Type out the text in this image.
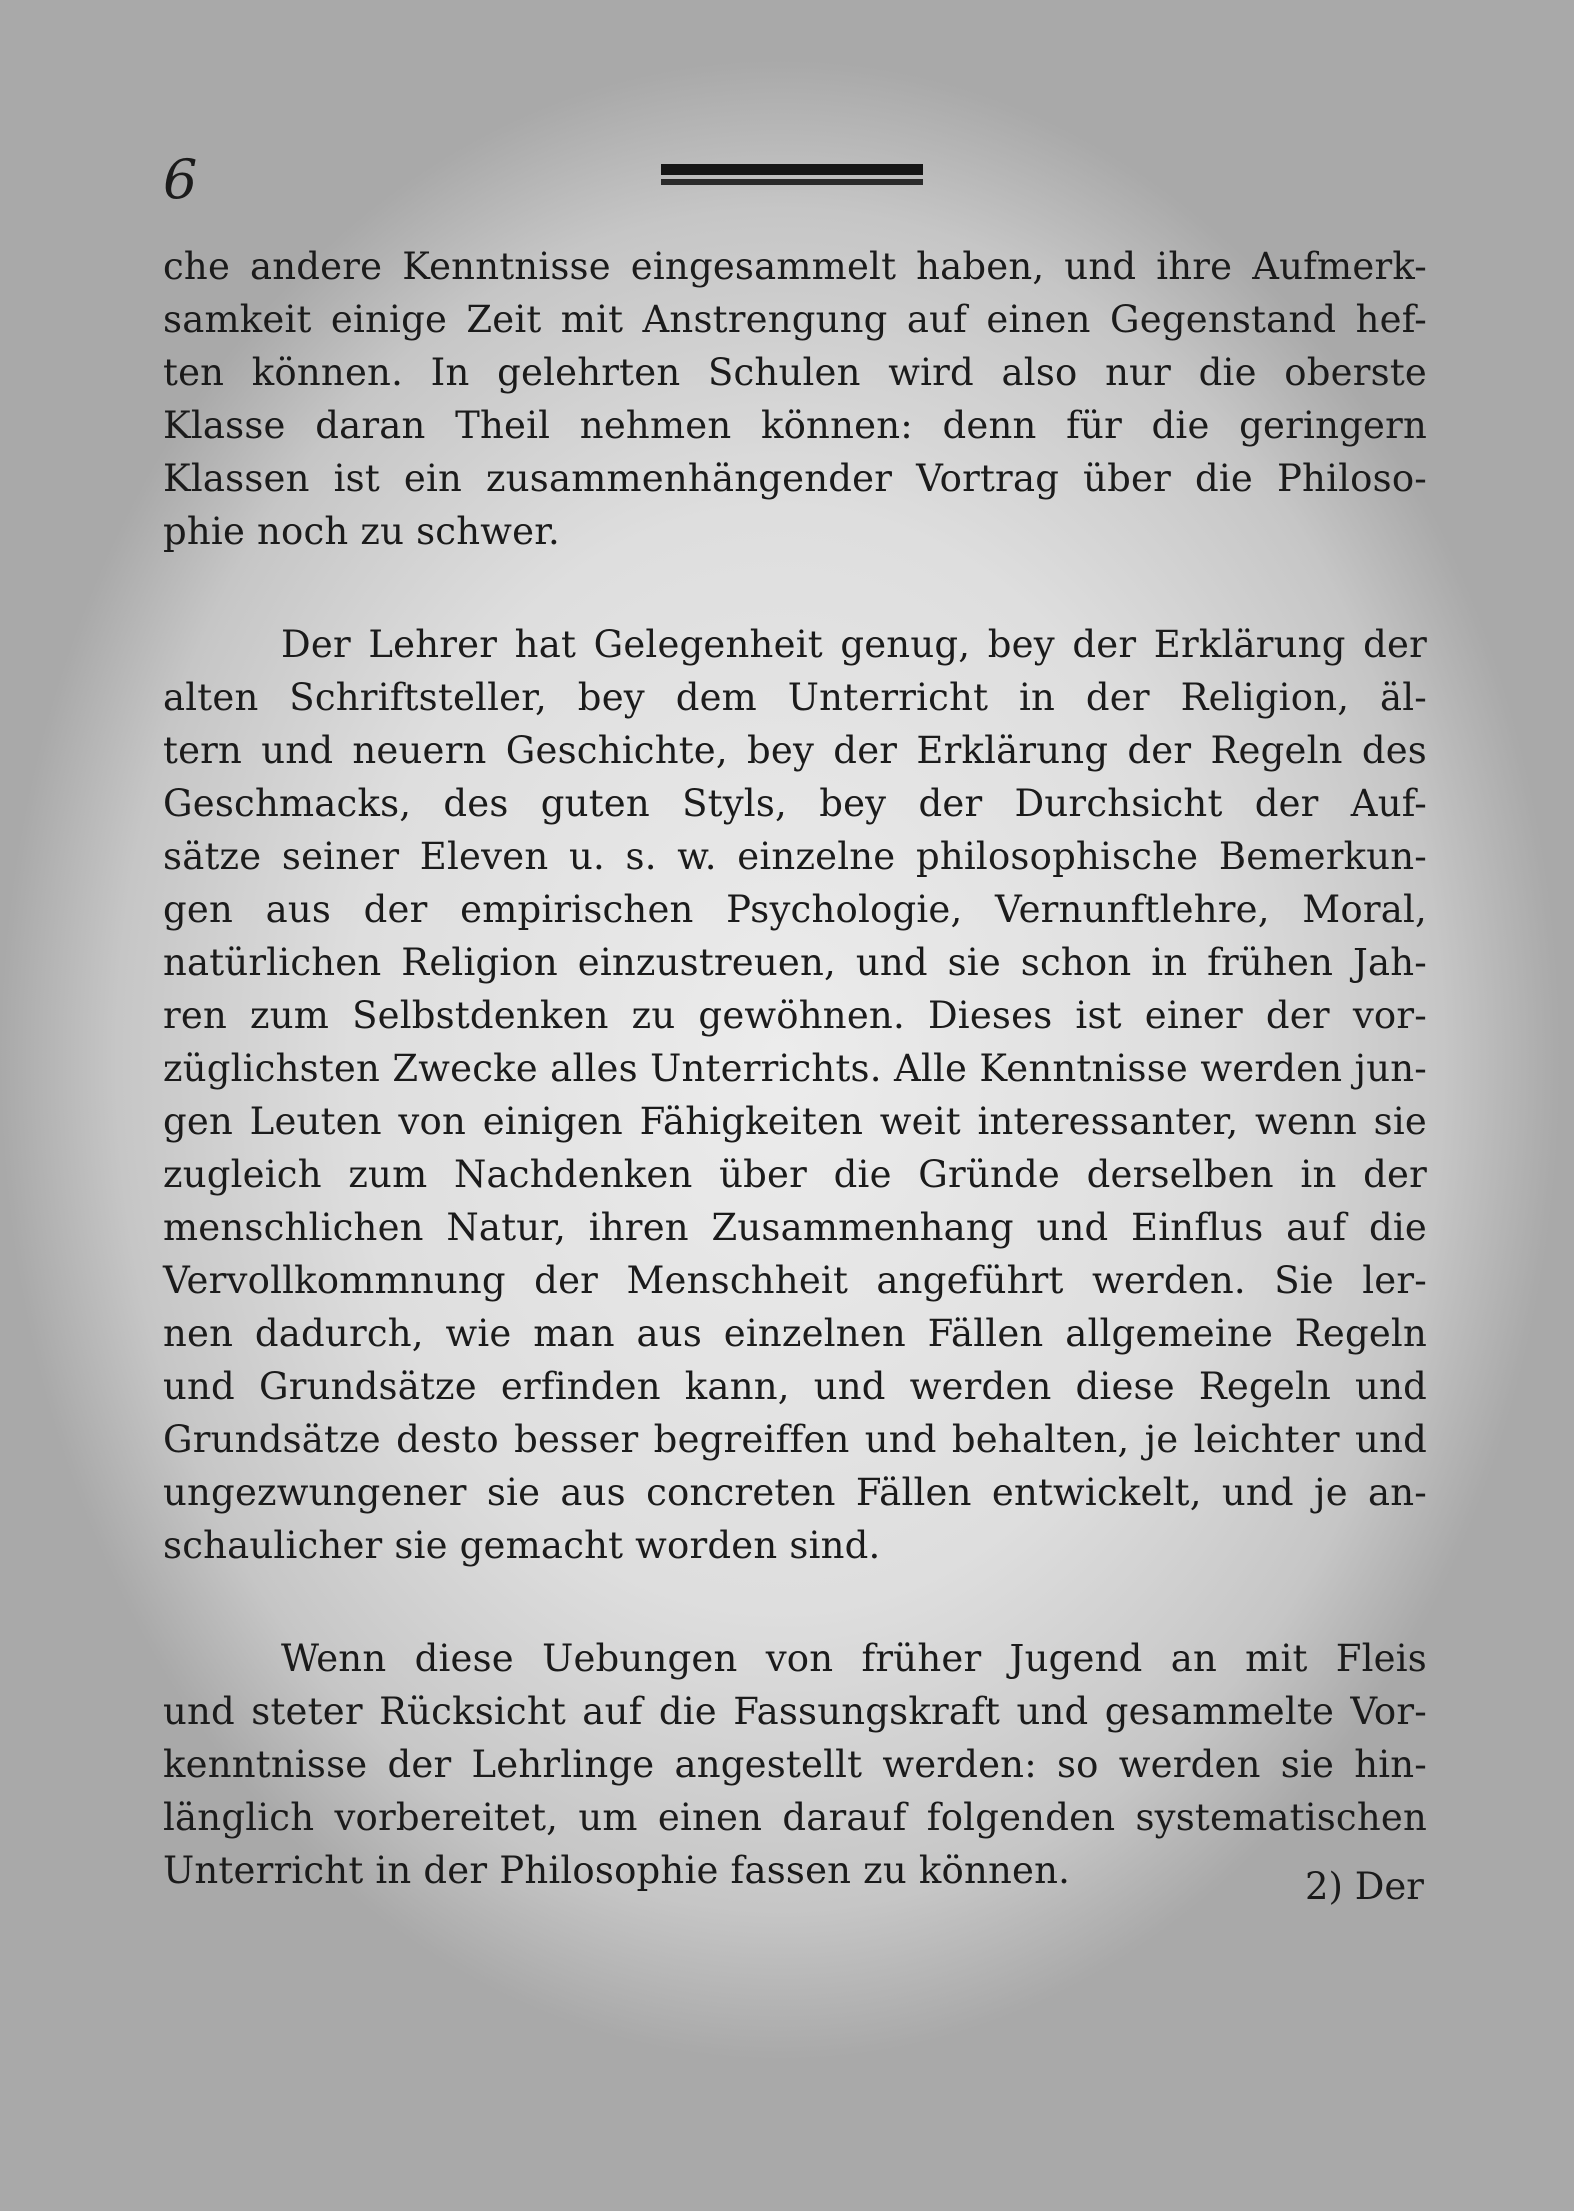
6
che andere Kenntnisse eingesammelt haben, und ihre Aufmerk-
samkeit einige Zeit mit Anstrengung auf einen Gegenstand hef-
ten können. In gelehrten Schulen wird also nur die oberste
Klasse daran Theil nehmen können: denn für die geringern
Klassen ist ein zusammenhängender Vortrag über die Philoso-
phie noch zu schwer.
Der Lehrer hat Gelegenheit genug, bey der Erklärung der
alten Schriftsteller, bey dem Unterricht in der Religion, äl-
tern und neuern Geschichte, bey der Erklärung der Regeln des
Geschmacks, des guten Styls, bey der Durchsicht der Auf-
sätze seiner Eleven u. s. w. einzelne philosophische Bemerkun-
gen aus der empirischen Psychologie, Vernunftlehre, Moral,
natürlichen Religion einzustreuen, und sie schon in frühen Jah-
ren zum Selbstdenken zu gewöhnen. Dieses ist einer der vor-
züglichsten Zwecke alles Unterrichts. Alle Kenntnisse werden jun-
gen Leuten von einigen Fähigkeiten weit interessanter, wenn sie
zugleich zum Nachdenken über die Gründe derselben in der
menschlichen Natur, ihren Zusammenhang und Einflus auf die
Vervollkommnung der Menschheit angeführt werden. Sie ler-
nen dadurch, wie man aus einzelnen Fällen allgemeine Regeln
und Grundsätze erfinden kann, und werden diese Regeln und
Grundsätze desto besser begreiffen und behalten, je leichter und
ungezwungener sie aus concreten Fällen entwickelt, und je an-
schaulicher sie gemacht worden sind.
Wenn diese Uebungen von früher Jugend an mit Fleis
und steter Rücksicht auf die Fassungskraft und gesammelte Vor-
kenntnisse der Lehrlinge angestellt werden: so werden sie hin-
länglich vorbereitet, um einen darauf folgenden systematischen
Unterricht in der Philosophie fassen zu können.	2) Der
